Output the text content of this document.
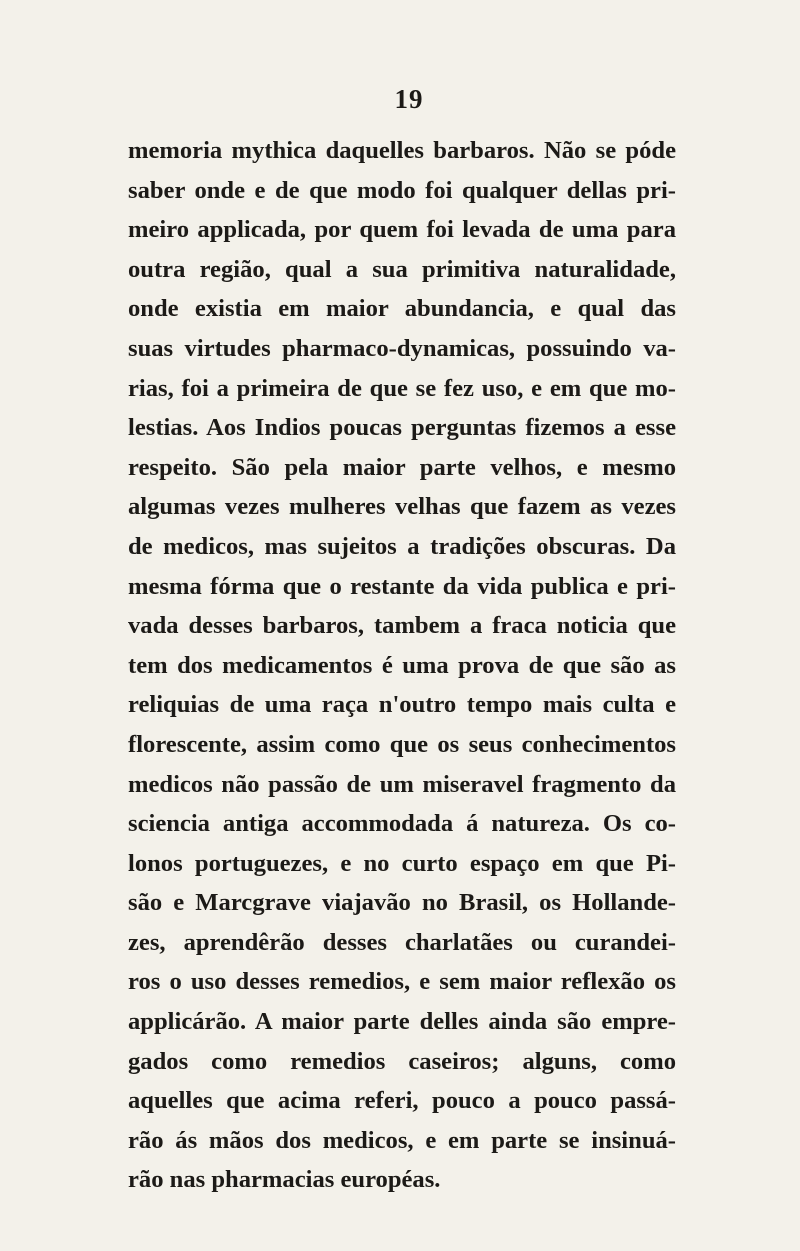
19
memoria mythica daquelles barbaros. Não se póde
saber onde e de que modo foi qualquer dellas pri-
meiro applicada, por quem foi levada de uma para
outra região, qual a sua primitiva naturalidade,
onde existia em maior abundancia, e qual das
suas virtudes pharmaco-dynamicas, possuindo va-
rias, foi a primeira de que se fez uso, e em que mo-
lestias. Aos Indios poucas perguntas fizemos a esse
respeito. São pela maior parte velhos, e mesmo
algumas vezes mulheres velhas que fazem as vezes
de medicos, mas sujeitos a tradições obscuras. Da
mesma fórma que o restante da vida publica e pri-
vada desses barbaros, tambem a fraca noticia que
tem dos medicamentos é uma prova de que são as
reliquias de uma raça n'outro tempo mais culta e
florescente, assim como que os seus conhecimentos
medicos não passão de um miseravel fragmento da
sciencia antiga accommodada á natureza. Os co-
lonos portuguezes, e no curto espaço em que Pi-
são e Marcgrave viajavão no Brasil, os Hollande-
zes, aprendêrão desses charlatães ou curandei-
ros o uso desses remedios, e sem maior reflexão os
applicárão. A maior parte delles ainda são empre-
gados como remedios caseiros; alguns, como
aquelles que acima referi, pouco a pouco passá-
rão ás mãos dos medicos, e em parte se insinuá-
rão nas pharmacias européas.
